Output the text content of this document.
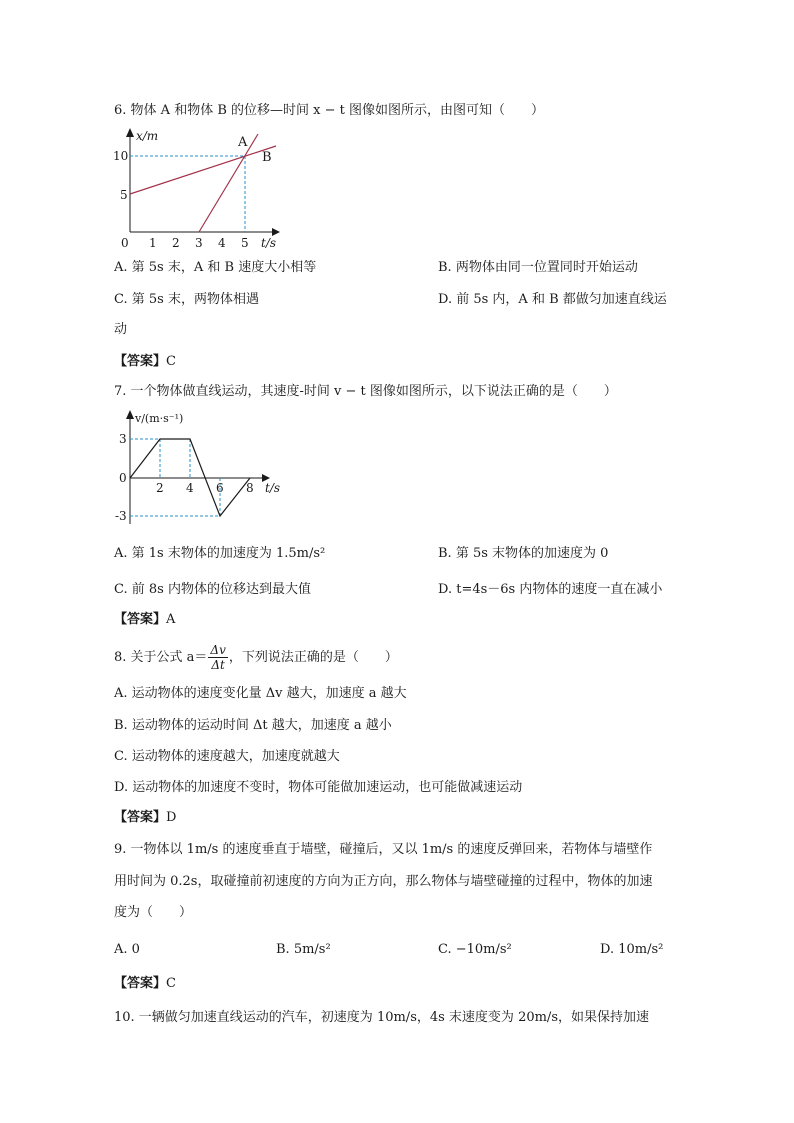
6. 物体 A 和物体 B 的位移—时间 x − t 图像如图所示，由图可知（　　）
x/m	A
B
10
5
0 1 2 3 4 5 t/s
A. 第 5s 末，A 和 B 速度大小相等	B. 两物体由同一位置同时开始运动
C. 第 5s 末，两物体相遇	D. 前 5s 内，A 和 B 都做匀加速直线运
动
【答案】C
7. 一个物体做直线运动，其速度-时间 v − t 图像如图所示，以下说法正确的是（　　）
v/(m·s⁻¹)
3
0
-3
2 4 6 8 t/s
A. 第 1s 末物体的加速度为 1.5m/s²	B. 第 5s 末物体的加速度为 0
C. 前 8s 内物体的位移达到最大值	D. t=4s－6s 内物体的速度一直在减小
【答案】A
8. 关于公式 $a= \frac{\Delta v}{\Delta t}$ ，下列说法正确的是（　　）
A. 运动物体的速度变化量 Δv 越大，加速度 a 越大
B. 运动物体的运动时间 Δt 越大，加速度 a 越小
C. 运动物体的速度越大，加速度就越大
D. 运动物体的加速度不变时，物体可能做加速运动，也可能做减速运动
【答案】D
9. 一物体以 1m/s 的速度垂直于墙壁，碰撞后，又以 1m/s 的速度反弹回来，若物体与墙壁作
用时间为 0.2s，取碰撞前初速度的方向为正方向，那么物体与墙壁碰撞的过程中，物体的加速
度为（　　）
A. 0	B. 5m/s²	C. −10m/s²	D. 10m/s²
【答案】C
10. 一辆做匀加速直线运动的汽车，初速度为 10m/s，4s 末速度变为 20m/s，如果保持加速
